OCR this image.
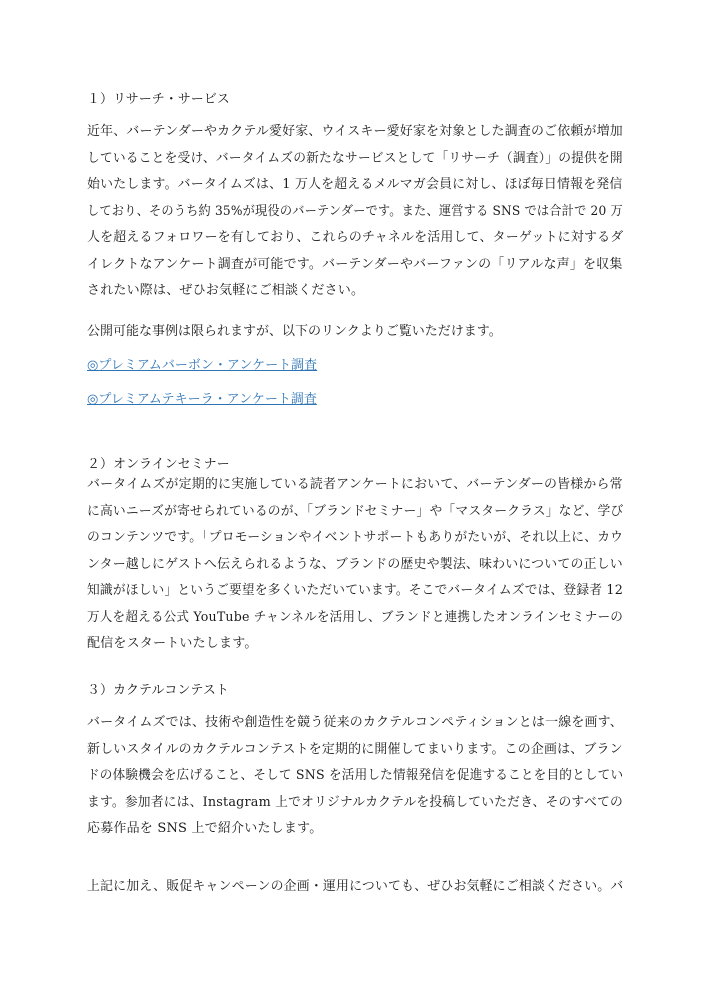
１）リサーチ・サービス
近年、バーテンダーやカクテル愛好家、ウイスキー愛好家を対象とした調査のご依頼が増加
していることを受け、バータイムズの新たなサービスとして「リサーチ（調査）」の提供を開
始いたします。バータイムズは、1 万人を超えるメルマガ会員に対し、ほぼ毎日情報を発信
しており、そのうち約 35%が現役のバーテンダーです。また、運営する SNS では合計で 20 万
人を超えるフォロワーを有しており、これらのチャネルを活用して、ターゲットに対するダ
イレクトなアンケート調査が可能です。バーテンダーやバーファンの「リアルな声」を収集
されたい際は、ぜひお気軽にご相談ください。
公開可能な事例は限られますが、以下のリンクよりご覧いただけます。
◎プレミアムバーボン・アンケート調査
◎プレミアムテキーラ・アンケート調査
２）オンラインセミナー
バータイムズが定期的に実施している読者アンケートにおいて、バーテンダーの皆様から常
に高いニーズが寄せられているのが、「ブランドセミナー」や「マスタークラス」など、学び
のコンテンツです。「プロモーションやイベントサポートもありがたいが、それ以上に、カウ
ンター越しにゲストへ伝えられるような、ブランドの歴史や製法、味わいについての正しい
知識がほしい」というご要望を多くいただいています。そこでバータイムズでは、登録者 12
万人を超える公式 YouTube チャンネルを活用し、ブランドと連携したオンラインセミナーの
配信をスタートいたします。
３）カクテルコンテスト
バータイムズでは、技術や創造性を競う従来のカクテルコンペティションとは一線を画す、
新しいスタイルのカクテルコンテストを定期的に開催してまいります。この企画は、ブラン
ドの体験機会を広げること、そして SNS を活用した情報発信を促進することを目的としてい
ます。参加者には、Instagram 上でオリジナルカクテルを投稿していただき、そのすべての
応募作品を SNS 上で紹介いたします。
上記に加え、販促キャンペーンの企画・運用についても、ぜひお気軽にご相談ください。バ
